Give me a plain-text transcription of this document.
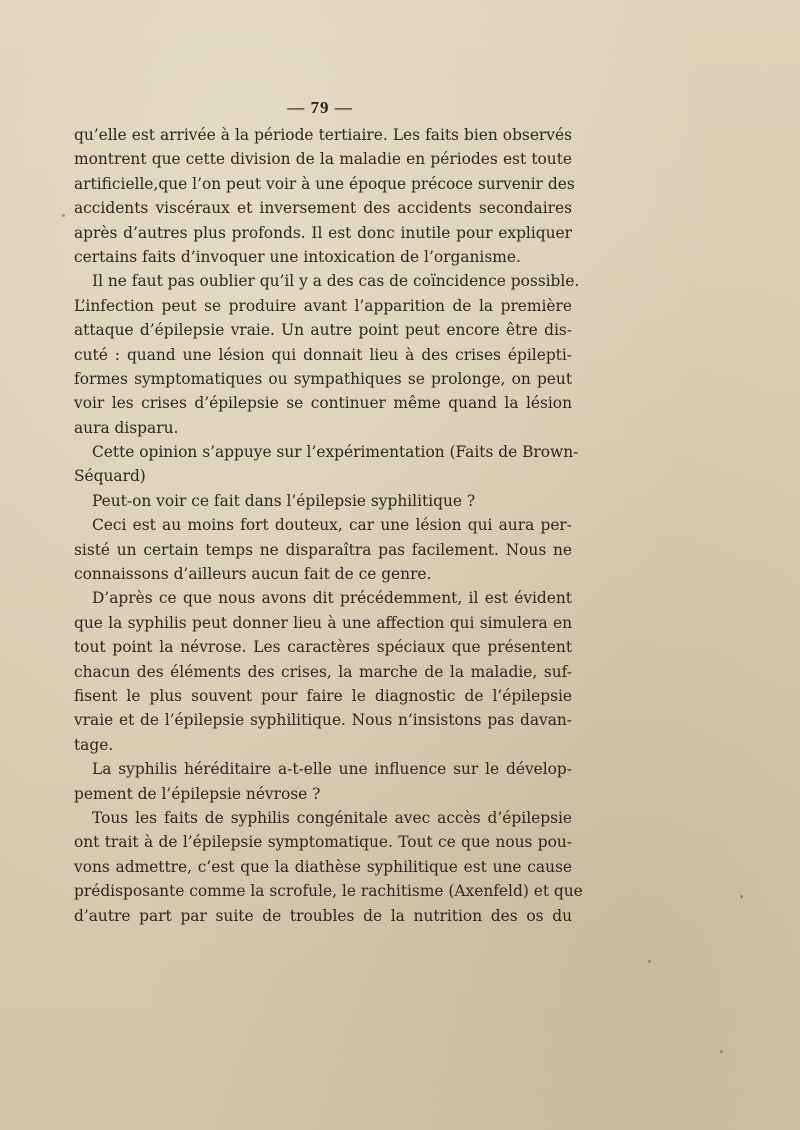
— 79 —
qu’elle est arrivée à la période tertiaire. Les faits bien observés
montrent que cette division de la maladie en périodes est toute
artificielle,que l’on peut voir à une époque précoce survenir des
accidents viscéraux et inversement des accidents secondaires
après d’autres plus profonds. Il est donc inutile pour expliquer
certains faits d’invoquer une intoxication de l’organisme.
Il ne faut pas oublier qu’il y a des cas de coïncidence possible.
L’infection peut se produire avant l’apparition de la première
attaque d’épilepsie vraie. Un autre point peut encore être dis-
cuté : quand une lésion qui donnait lieu à des crises épilepti-
formes symptomatiques ou sympathiques se prolonge, on peut
voir les crises d’épilepsie se continuer même quand la lésion
aura disparu.
Cette opinion s’appuye sur l’expérimentation (Faits de Brown-
Séquard)
Peut-on voir ce fait dans l’épilepsie syphilitique ?
Ceci est au moins fort douteux, car une lésion qui aura per-
sisté un certain temps ne disparaîtra pas facilement. Nous ne
connaissons d’ailleurs aucun fait de ce genre.
D’après ce que nous avons dit précédemment, il est évident
que la syphilis peut donner lieu à une affection qui simulera en
tout point la névrose. Les caractères spéciaux que présentent
chacun des éléments des crises, la marche de la maladie, suf-
fisent le plus souvent pour faire le diagnostic de l’épilepsie
vraie et de l’épilepsie syphilitique. Nous n’insistons pas davan-
tage.
La syphilis héréditaire a-t-elle une influence sur le dévelop-
pement de l’épilepsie névrose ?
Tous les faits de syphilis congénitale avec accès d’épilepsie
ont trait à de l’épilepsie symptomatique. Tout ce que nous pou-
vons admettre, c’est que la diathèse syphilitique est une cause
prédisposante comme la scrofule, le rachitisme (Axenfeld) et que
d’autre part par suite de troubles de la nutrition des os du
